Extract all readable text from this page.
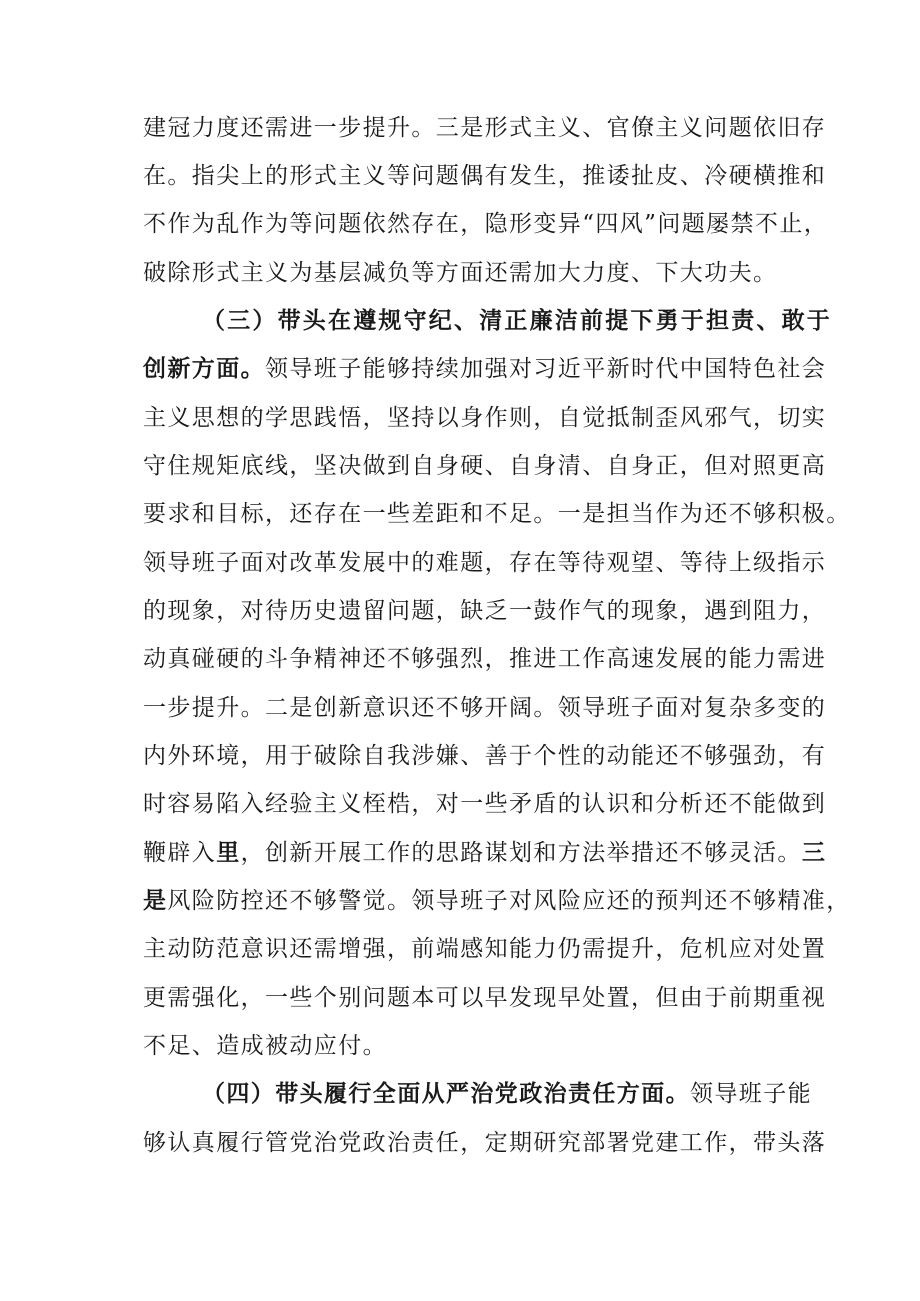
建冠力度还需进一步提升。三是形式主义、官僚主义问题依旧存
在。指尖上的形式主义等问题偶有发生，推诿扯皮、冷硬横推和
不作为乱作为等问题依然存在，隐形变异“四风”问题屡禁不止，
破除形式主义为基层减负等方面还需加大力度、下大功夫。
（三）带头在遵规守纪、清正廉洁前提下勇于担责、敢于
创新方面。领导班子能够持续加强对习近平新时代中国特色社会
主义思想的学思践悟，坚持以身作则，自觉抵制歪风邪气，切实
守住规矩底线，坚决做到自身硬、自身清、自身正，但对照更高
要求和目标，还存在一些差距和不足。一是担当作为还不够积极。
领导班子面对改革发展中的难题，存在等待观望、等待上级指示
的现象，对待历史遗留问题，缺乏一鼓作气的现象，遇到阻力，
动真碰硬的斗争精神还不够强烈，推进工作高速发展的能力需进
一步提升。二是创新意识还不够开阔。领导班子面对复杂多变的
内外环境，用于破除自我涉嫌、善于个性的动能还不够强劲，有
时容易陷入经验主义桎梏，对一些矛盾的认识和分析还不能做到
鞭辟入里，创新开展工作的思路谋划和方法举措还不够灵活。三
是风险防控还不够警觉。领导班子对风险应还的预判还不够精准，
主动防范意识还需增强，前端感知能力仍需提升，危机应对处置
更需强化，一些个别问题本可以早发现早处置，但由于前期重视
不足、造成被动应付。
（四）带头履行全面从严治党政治责任方面。领导班子能
够认真履行管党治党政治责任，定期研究部署党建工作，带头落
